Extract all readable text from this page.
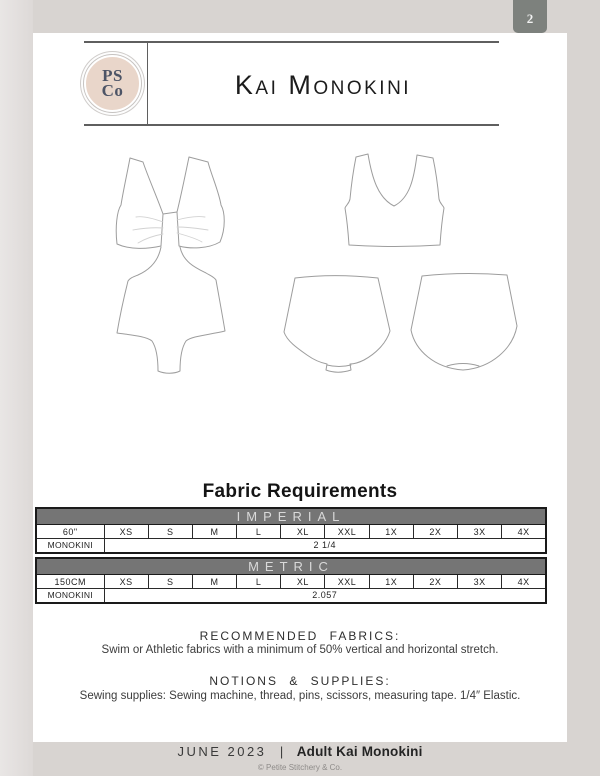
2
PS
Co	Kai Monokini
Fabric Requirements
IMPERIAL										
60"	XS	S	M	L	XL	XXL	1X	2X	3X	4X
MONOKINI	2 1/4									
METRIC										
150CM	XS	S	M	L	XL	XXL	1X	2X	3X	4X
MONOKINI	2.057									
RECOMMENDED FABRICS:
Swim or Athletic fabrics with a minimum of 50% vertical and horizontal stretch.
NOTIONS & SUPPLIES:
Sewing supplies: Sewing machine, thread, pins, scissors, measuring tape. 1/4″ Elastic.
JUNE 2023 | Adult Kai Monokini
© Petite Stitchery & Co.
